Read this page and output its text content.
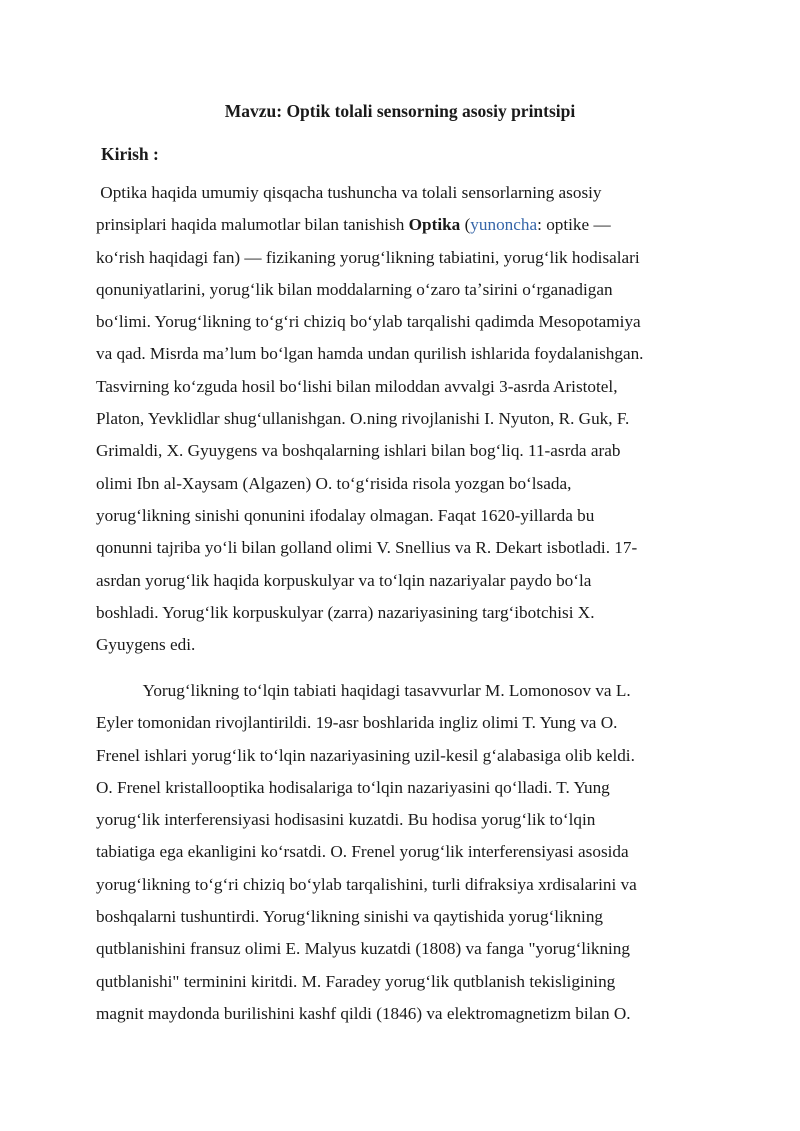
Mavzu: Optik tolali sensorning asosiy printsipi
Kirish :
Optika haqida umumiy qisqacha tushuncha va tolali sensorlarning asosiy
prinsiplari haqida malumotlar bilan tanishish Optika (yunoncha: optike —
koʻrish haqidagi fan) — fizikaning yorugʻlikning tabiatini, yorugʻlik hodisalari
qonuniyatlarini, yorugʻlik bilan moddalarning oʻzaro taʼsirini oʻrganadigan
boʻlimi. Yorugʻlikning toʻgʻri chiziq boʻylab tarqalishi qadimda Mesopotamiya
va qad. Misrda maʼlum boʻlgan hamda undan qurilish ishlarida foydalanishgan.
Tasvirning koʻzguda hosil boʻlishi bilan miloddan avvalgi 3-asrda Aristotel,
Platon, Yevklidlar shugʻullanishgan. O.ning rivojlanishi I. Nyuton, R. Guk, F.
Grimaldi, X. Gyuygens va boshqalarning ishlari bilan bogʻliq. 11-asrda arab
olimi Ibn al-Xaysam (Algazen) O. toʻgʻrisida risola yozgan boʻlsada,
yorugʻlikning sinishi qonunini ifodalay olmagan. Faqat 1620-yillarda bu
qonunni tajriba yoʻli bilan golland olimi V. Snellius va R. Dekart isbotladi. 17-
asrdan yorugʻlik haqida korpuskulyar va toʻlqin nazariyalar paydo boʻla
boshladi. Yorugʻlik korpuskulyar (zarra) nazariyasining targʻibotchisi X.
Gyuygens edi.
Yorugʻlikning toʻlqin tabiati haqidagi tasavvurlar M. Lomonosov va L.
Eyler tomonidan rivojlantirildi. 19-asr boshlarida ingliz olimi T. Yung va O.
Frenel ishlari yorugʻlik toʻlqin nazariyasining uzil-kesil gʻalabasiga olib keldi.
O. Frenel kristallooptika hodisalariga toʻlqin nazariyasini qoʻlladi. T. Yung
yorugʻlik interferensiyasi hodisasini kuzatdi. Bu hodisa yorugʻlik toʻlqin
tabiatiga ega ekanligini koʻrsatdi. O. Frenel yorugʻlik interferensiyasi asosida
yorugʻlikning toʻgʻri chiziq boʻylab tarqalishini, turli difraksiya xrdisalarini va
boshqalarni tushuntirdi. Yorugʻlikning sinishi va qaytishida yorugʻlikning
qutblanishini fransuz olimi E. Malyus kuzatdi (1808) va fanga "yorugʻlikning
qutblanishi" terminini kiritdi. M. Faradey yorugʻlik qutblanish tekisligining
magnit maydonda burilishini kashf qildi (1846) va elektromagnetizm bilan O.
